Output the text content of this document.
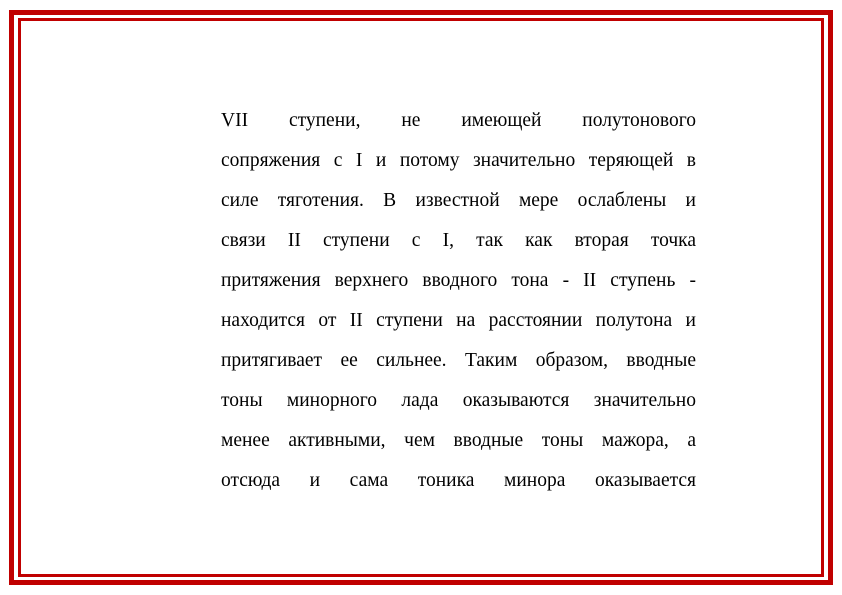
VII ступени, не имеющей полутонового
сопряжения с I и потому значительно теряющей в
силе тяготения. В известной мере ослаблены и
связи II ступени с I, так как вторая точка
притяжения верхнего вводного тона - II ступень -
находится от II ступени на расстоянии полутона и
притягивает ее сильнее. Таким образом, вводные
тоны минорного лада оказываются значительно
менее активными, чем вводные тоны мажора, а
отсюда и сама тоника минора оказывается
